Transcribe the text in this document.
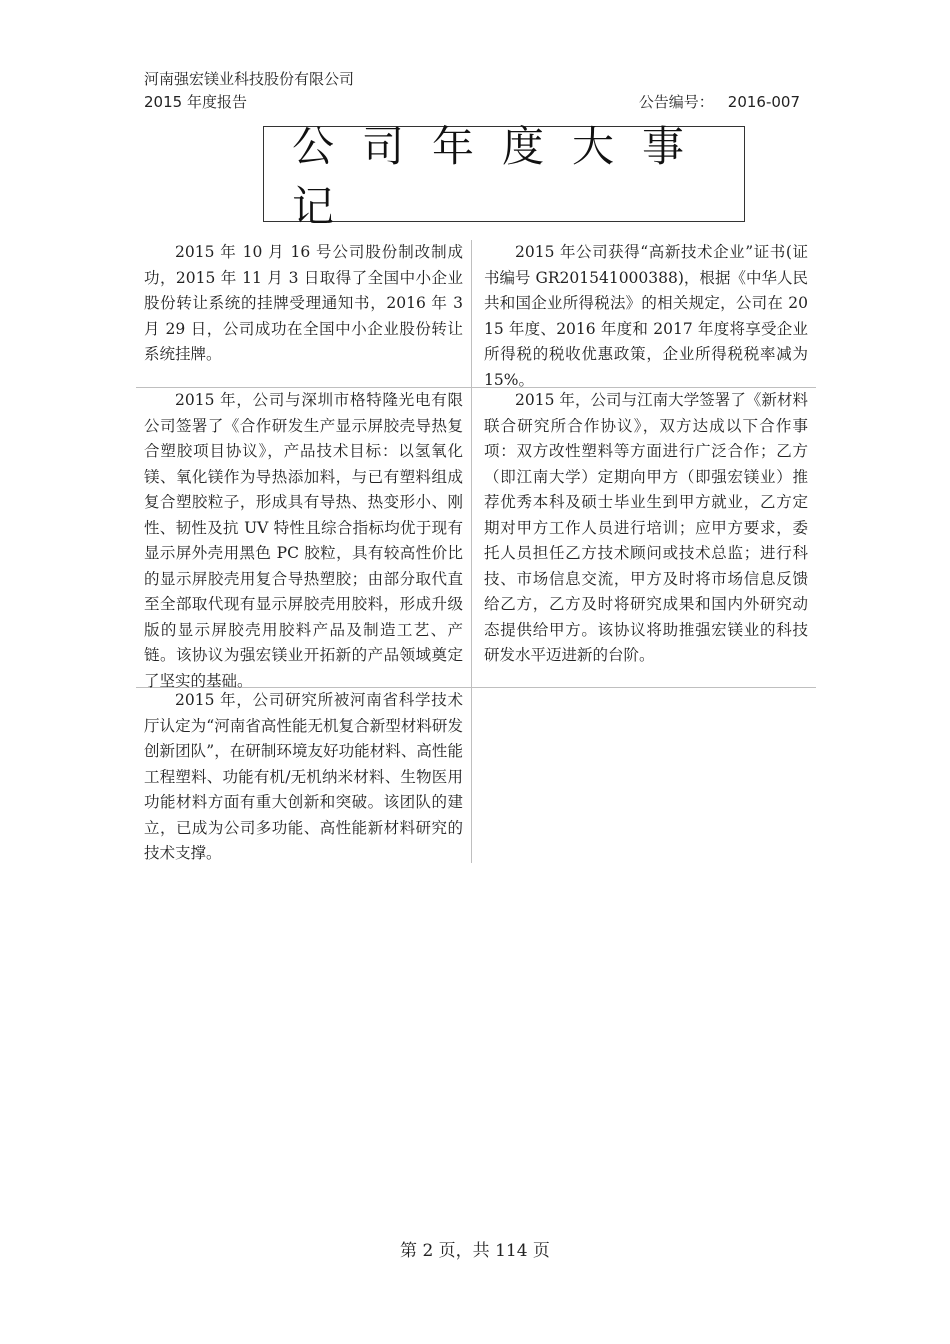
河南强宏镁业科技股份有限公司
2015 年度报告	公告编号： 2016-007
公司年度大事记
2015 年 10 月 16 号公司股份制改制成功，2015 年 11 月 3 日取得了全国中小企业股份转让系统的挂牌受理通知书，2016 年 3 月 29 日，公司成功在全国中小企业股份转让系统挂牌。
2015 年公司获得“高新技术企业”证书(证书编号 GR201541000388)，根据《中华人民共和国企业所得税法》的相关规定，公司在 2015 年度、2016 年度和 2017 年度将享受企业所得税的税收优惠政策，企业所得税税率减为 15%。
2015 年，公司与深圳市格特隆光电有限公司签署了《合作研发生产显示屏胶壳导热复合塑胶项目协议》，产品技术目标：以氢氧化镁、氧化镁作为导热添加料，与已有塑料组成复合塑胶粒子，形成具有导热、热变形小、刚性、韧性及抗 UV 特性且综合指标均优于现有显示屏外壳用黑色 PC 胶粒，具有较高性价比的显示屏胶壳用复合导热塑胶；由部分取代直至全部取代现有显示屏胶壳用胶料，形成升级版的显示屏胶壳用胶料产品及制造工艺、产链。该协议为强宏镁业开拓新的产品领域奠定了坚实的基础。
2015 年，公司与江南大学签署了《新材料联合研究所合作协议》，双方达成以下合作事项：双方改性塑料等方面进行广泛合作；乙方（即江南大学）定期向甲方（即强宏镁业）推荐优秀本科及硕士毕业生到甲方就业，乙方定期对甲方工作人员进行培训；应甲方要求，委托人员担任乙方技术顾问或技术总监；进行科技、市场信息交流，甲方及时将市场信息反馈给乙方，乙方及时将研究成果和国内外研究动态提供给甲方。该协议将助推强宏镁业的科技研发水平迈进新的台阶。
2015 年，公司研究所被河南省科学技术厅认定为“河南省高性能无机复合新型材料研发创新团队”，在研制环境友好功能材料、高性能工程塑料、功能有机/无机纳米材料、生物医用功能材料方面有重大创新和突破。该团队的建立，已成为公司多功能、高性能新材料研究的技术支撑。
第 2 页，共 114 页
